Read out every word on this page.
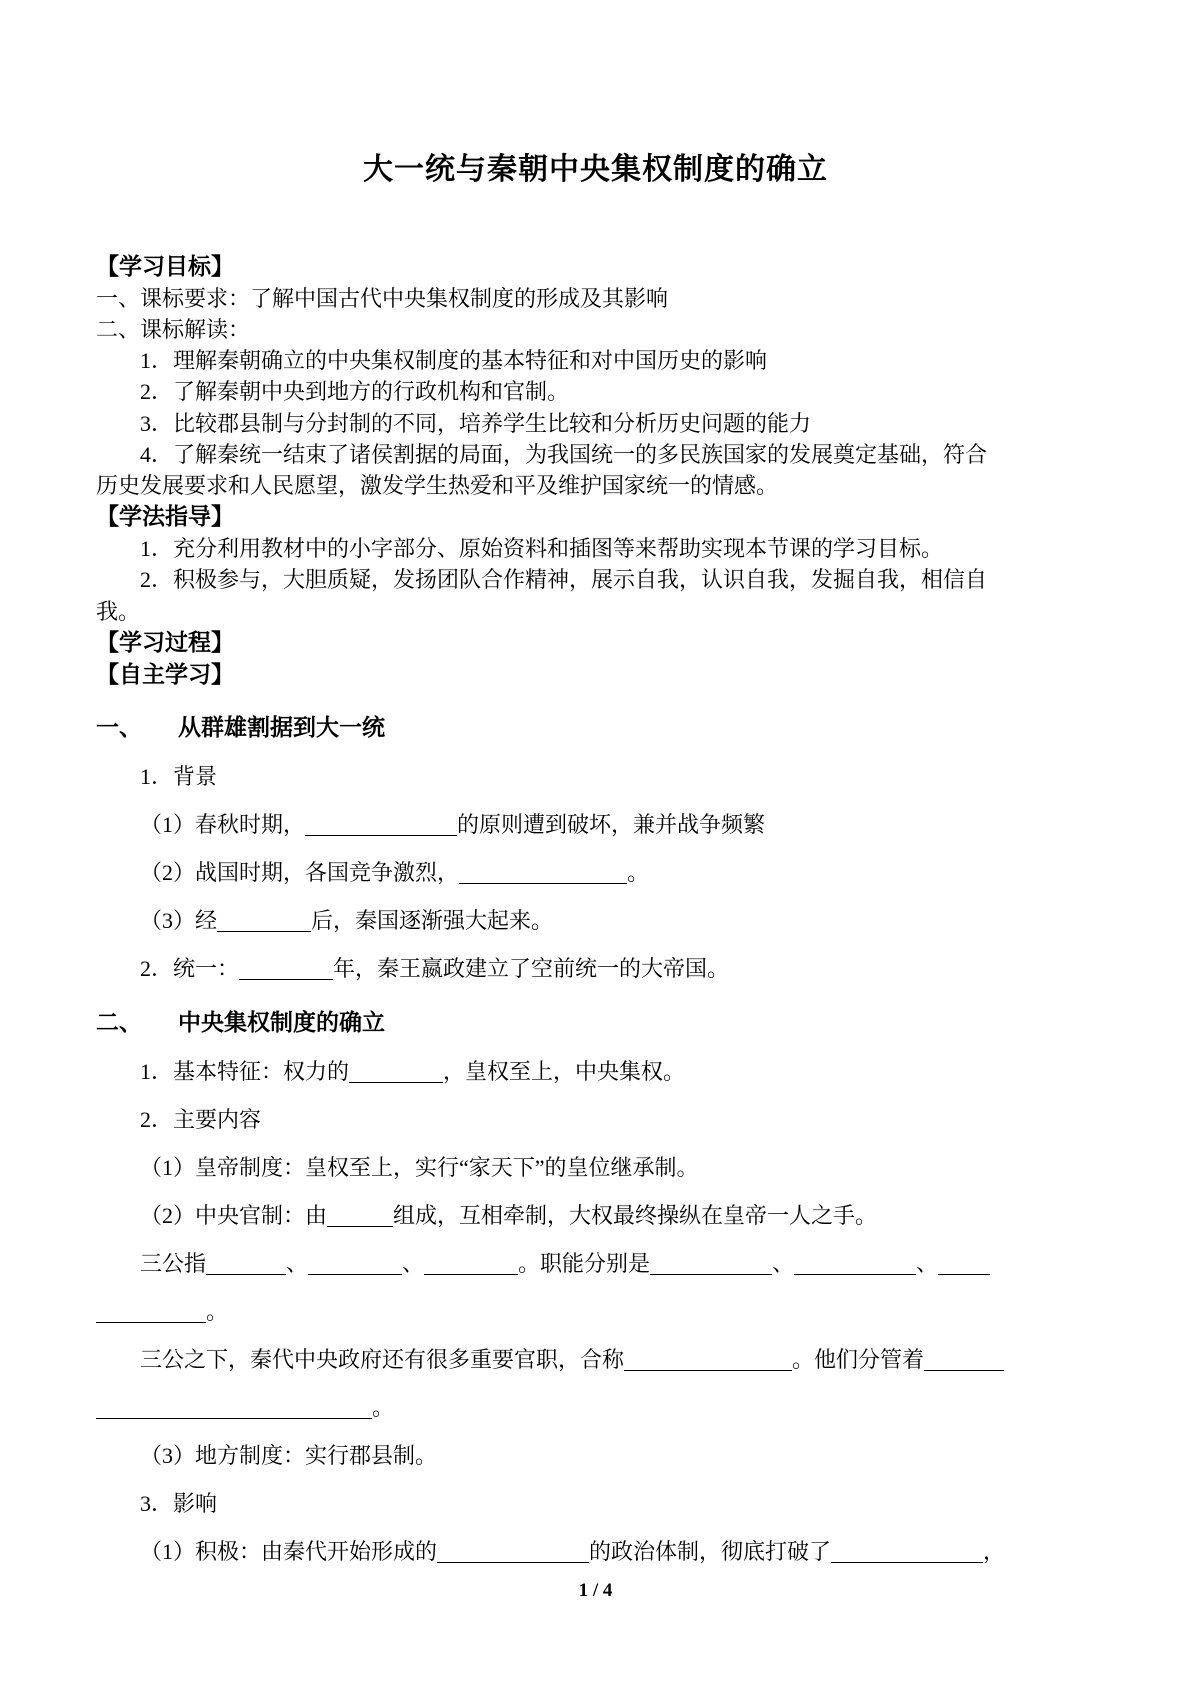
大一统与秦朝中央集权制度的确立
【学习目标】
一、课标要求：了解中国古代中央集权制度的形成及其影响
二、课标解读：
1．理解秦朝确立的中央集权制度的基本特征和对中国历史的影响
2．了解秦朝中央到地方的行政机构和官制。
3．比较郡县制与分封制的不同，培养学生比较和分析历史问题的能力
4．了解秦统一结束了诸侯割据的局面，为我国统一的多民族国家的发展奠定基础，符合
历史发展要求和人民愿望，激发学生热爱和平及维护国家统一的情感。
【学法指导】
1．充分利用教材中的小字部分、原始资料和插图等来帮助实现本节课的学习目标。
2．积极参与，大胆质疑，发扬团队合作精神，展示自我，认识自我，发掘自我，相信自
我。
【学习过程】
【自主学习】
一、 从群雄割据到大一统
1．背景
（1）春秋时期，	的原则遭到破坏，兼并战争频繁
（2）战国时期，各国竞争激烈，	。
（3）经	后，秦国逐渐强大起来。
2．统一：	年，秦王嬴政建立了空前统一的大帝国。
二、 中央集权制度的确立
1．基本特征：权力的	，皇权至上，中央集权。
2．主要内容
（1）皇帝制度：皇权至上，实行“家天下”的皇位继承制。
（2）中央官制：由	组成，互相牵制，大权最终操纵在皇帝一人之手。
三公指	、	、	。职能分别是	、	、
。
三公之下，秦代中央政府还有很多重要官职，合称	。他们分管着
。
（3）地方制度：实行郡县制。
3．影响
（1）积极：由秦代开始形成的	的政治体制，彻底打破了	，
1 / 4
